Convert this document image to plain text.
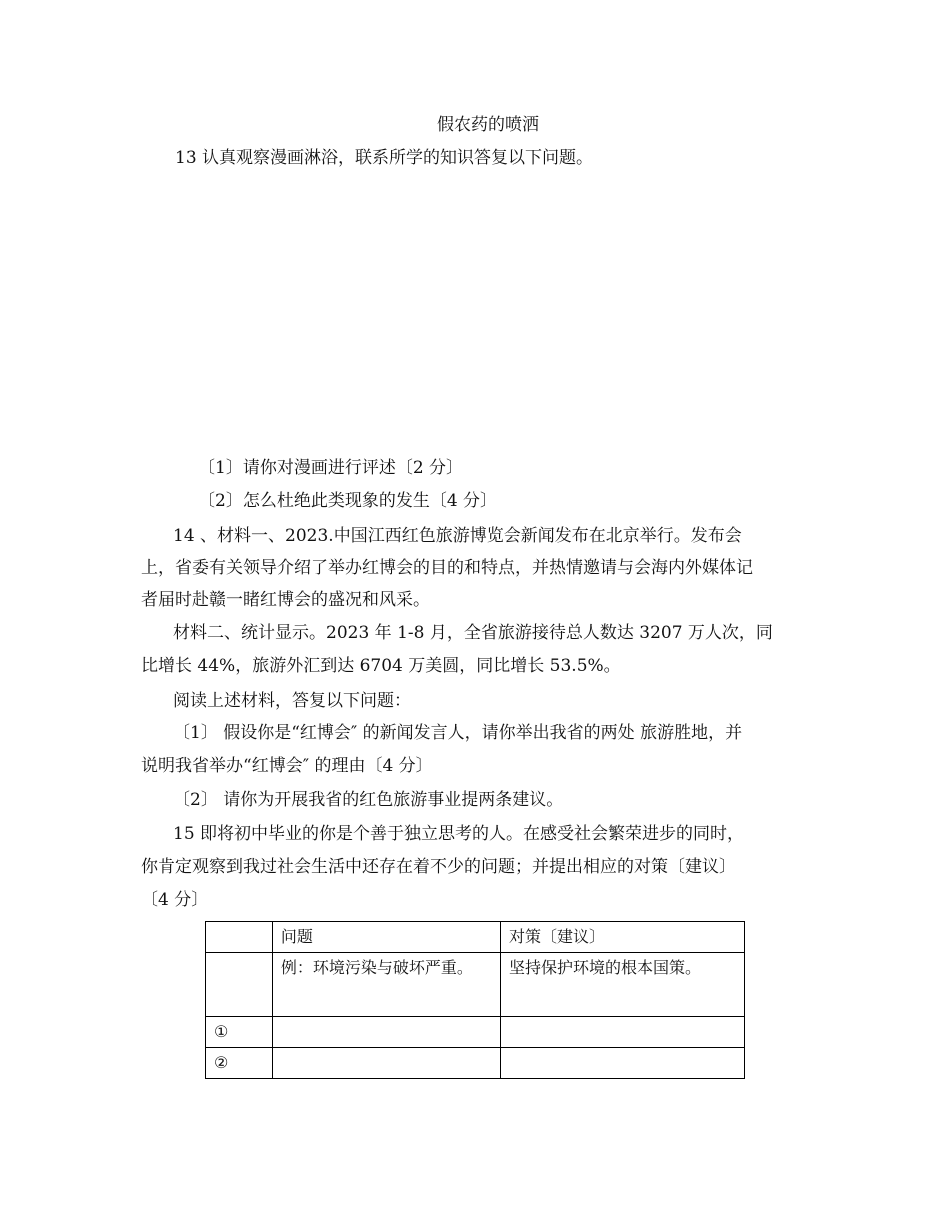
假农药的喷洒
13 认真观察漫画淋浴，联系所学的知识答复以下问题。
〔1〕请你对漫画进行评述〔2 分〕
〔2〕怎么杜绝此类现象的发生〔4 分〕
14 、材料一、2023.中国江西红色旅游博览会新闻发布在北京举行。发布会
上，省委有关领导介绍了举办红博会的目的和特点，并热情邀请与会海内外媒体记
者届时赴赣一睹红博会的盛况和风采。
材料二、统计显示。2023 年 1-8 月，全省旅游接待总人数达 3207 万人次，同
比增长 44%，旅游外汇到达 6704 万美圆，同比增长 53.5%。
阅读上述材料，答复以下问题：
〔1〕 假设你是“红博会″ 的新闻发言人，请你举出我省的两处 旅游胜地，并
说明我省举办“红博会″ 的理由〔4 分〕
〔2〕 请你为开展我省的红色旅游事业提两条建议。
15 即将初中毕业的你是个善于独立思考的人。在感受社会繁荣进步的同时，
你肯定观察到我过社会生活中还存在着不少的问题；并提出相应的对策〔建议〕
〔4 分〕
	问题	对策〔建议〕
	例：环境污染与破坏严重。	坚持保护环境的根本国策。
①		
②		
